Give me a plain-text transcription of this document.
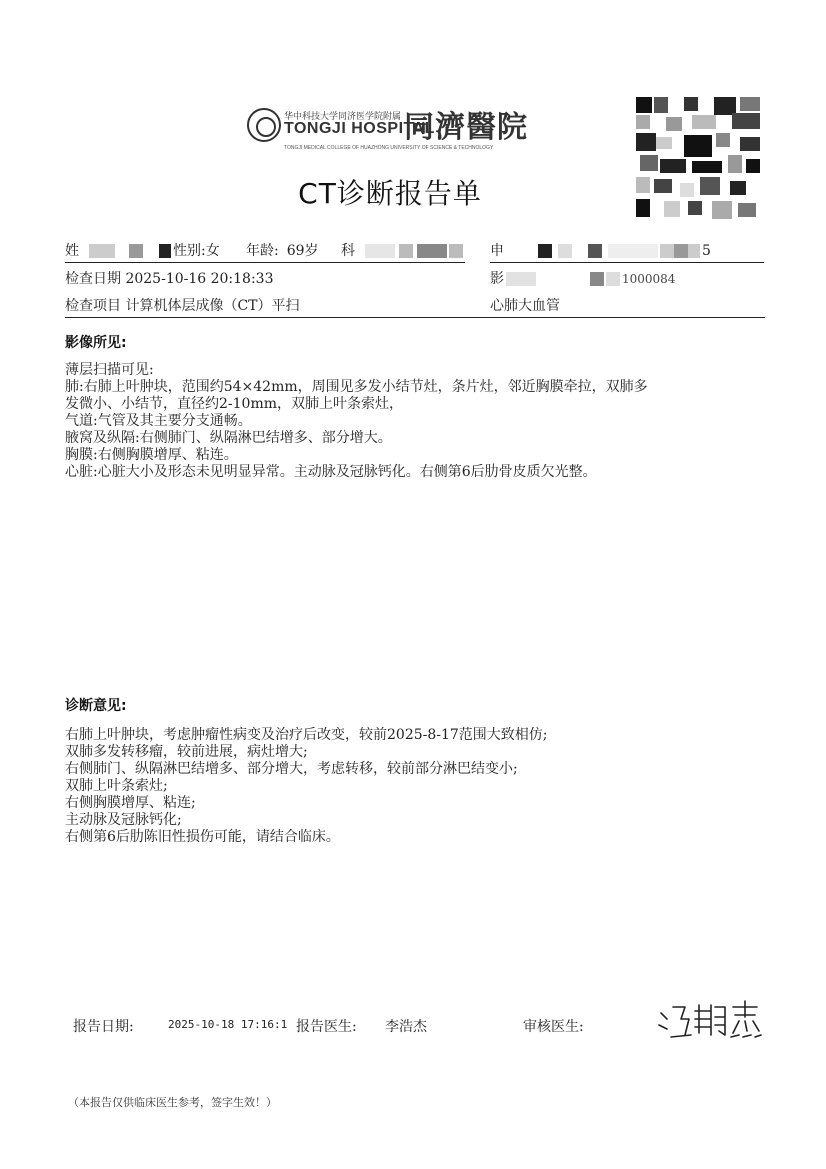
华中科技大学同济医学院附属
TONGJI HOSPITAL
同濟醫院
TONGJI MEDICAL COLLEGE OF HUAZHONG UNIVERSITY OF SCIENCE & TECHNOLOGY
CT诊断报告单
姓	性别:女 年龄: 69岁 科	申	5
检查日期 2025-10-16 20:18:33	影	1000084
检查项目 计算机体层成像（CT）平扫	心肺大血管
影像所见:
薄层扫描可见:
肺:右肺上叶肿块，范围约54×42mm，周围见多发小结节灶，条片灶，邻近胸膜牵拉，双肺多
发微小、小结节，直径约2-10mm，双肺上叶条索灶，
气道:气管及其主要分支通畅。
腋窝及纵隔:右侧肺门、纵隔淋巴结增多、部分增大。
胸膜:右侧胸膜增厚、粘连。
心脏:心脏大小及形态未见明显异常。主动脉及冠脉钙化。右侧第6后肋骨皮质欠光整。
诊断意见:
右肺上叶肿块，考虑肿瘤性病变及治疗后改变，较前2025-8-17范围大致相仿;
双肺多发转移瘤，较前进展，病灶增大;
右侧肺门、纵隔淋巴结增多、部分增大，考虑转移，较前部分淋巴结变小;
双肺上叶条索灶;
右侧胸膜增厚、粘连;
主动脉及冠脉钙化;
右侧第6后肋陈旧性损伤可能，请结合临床。
报告日期:	2025-10-18 17:16:1 报告医生: 李浩杰	审核医生:
（本报告仅供临床医生参考，签字生效！）
